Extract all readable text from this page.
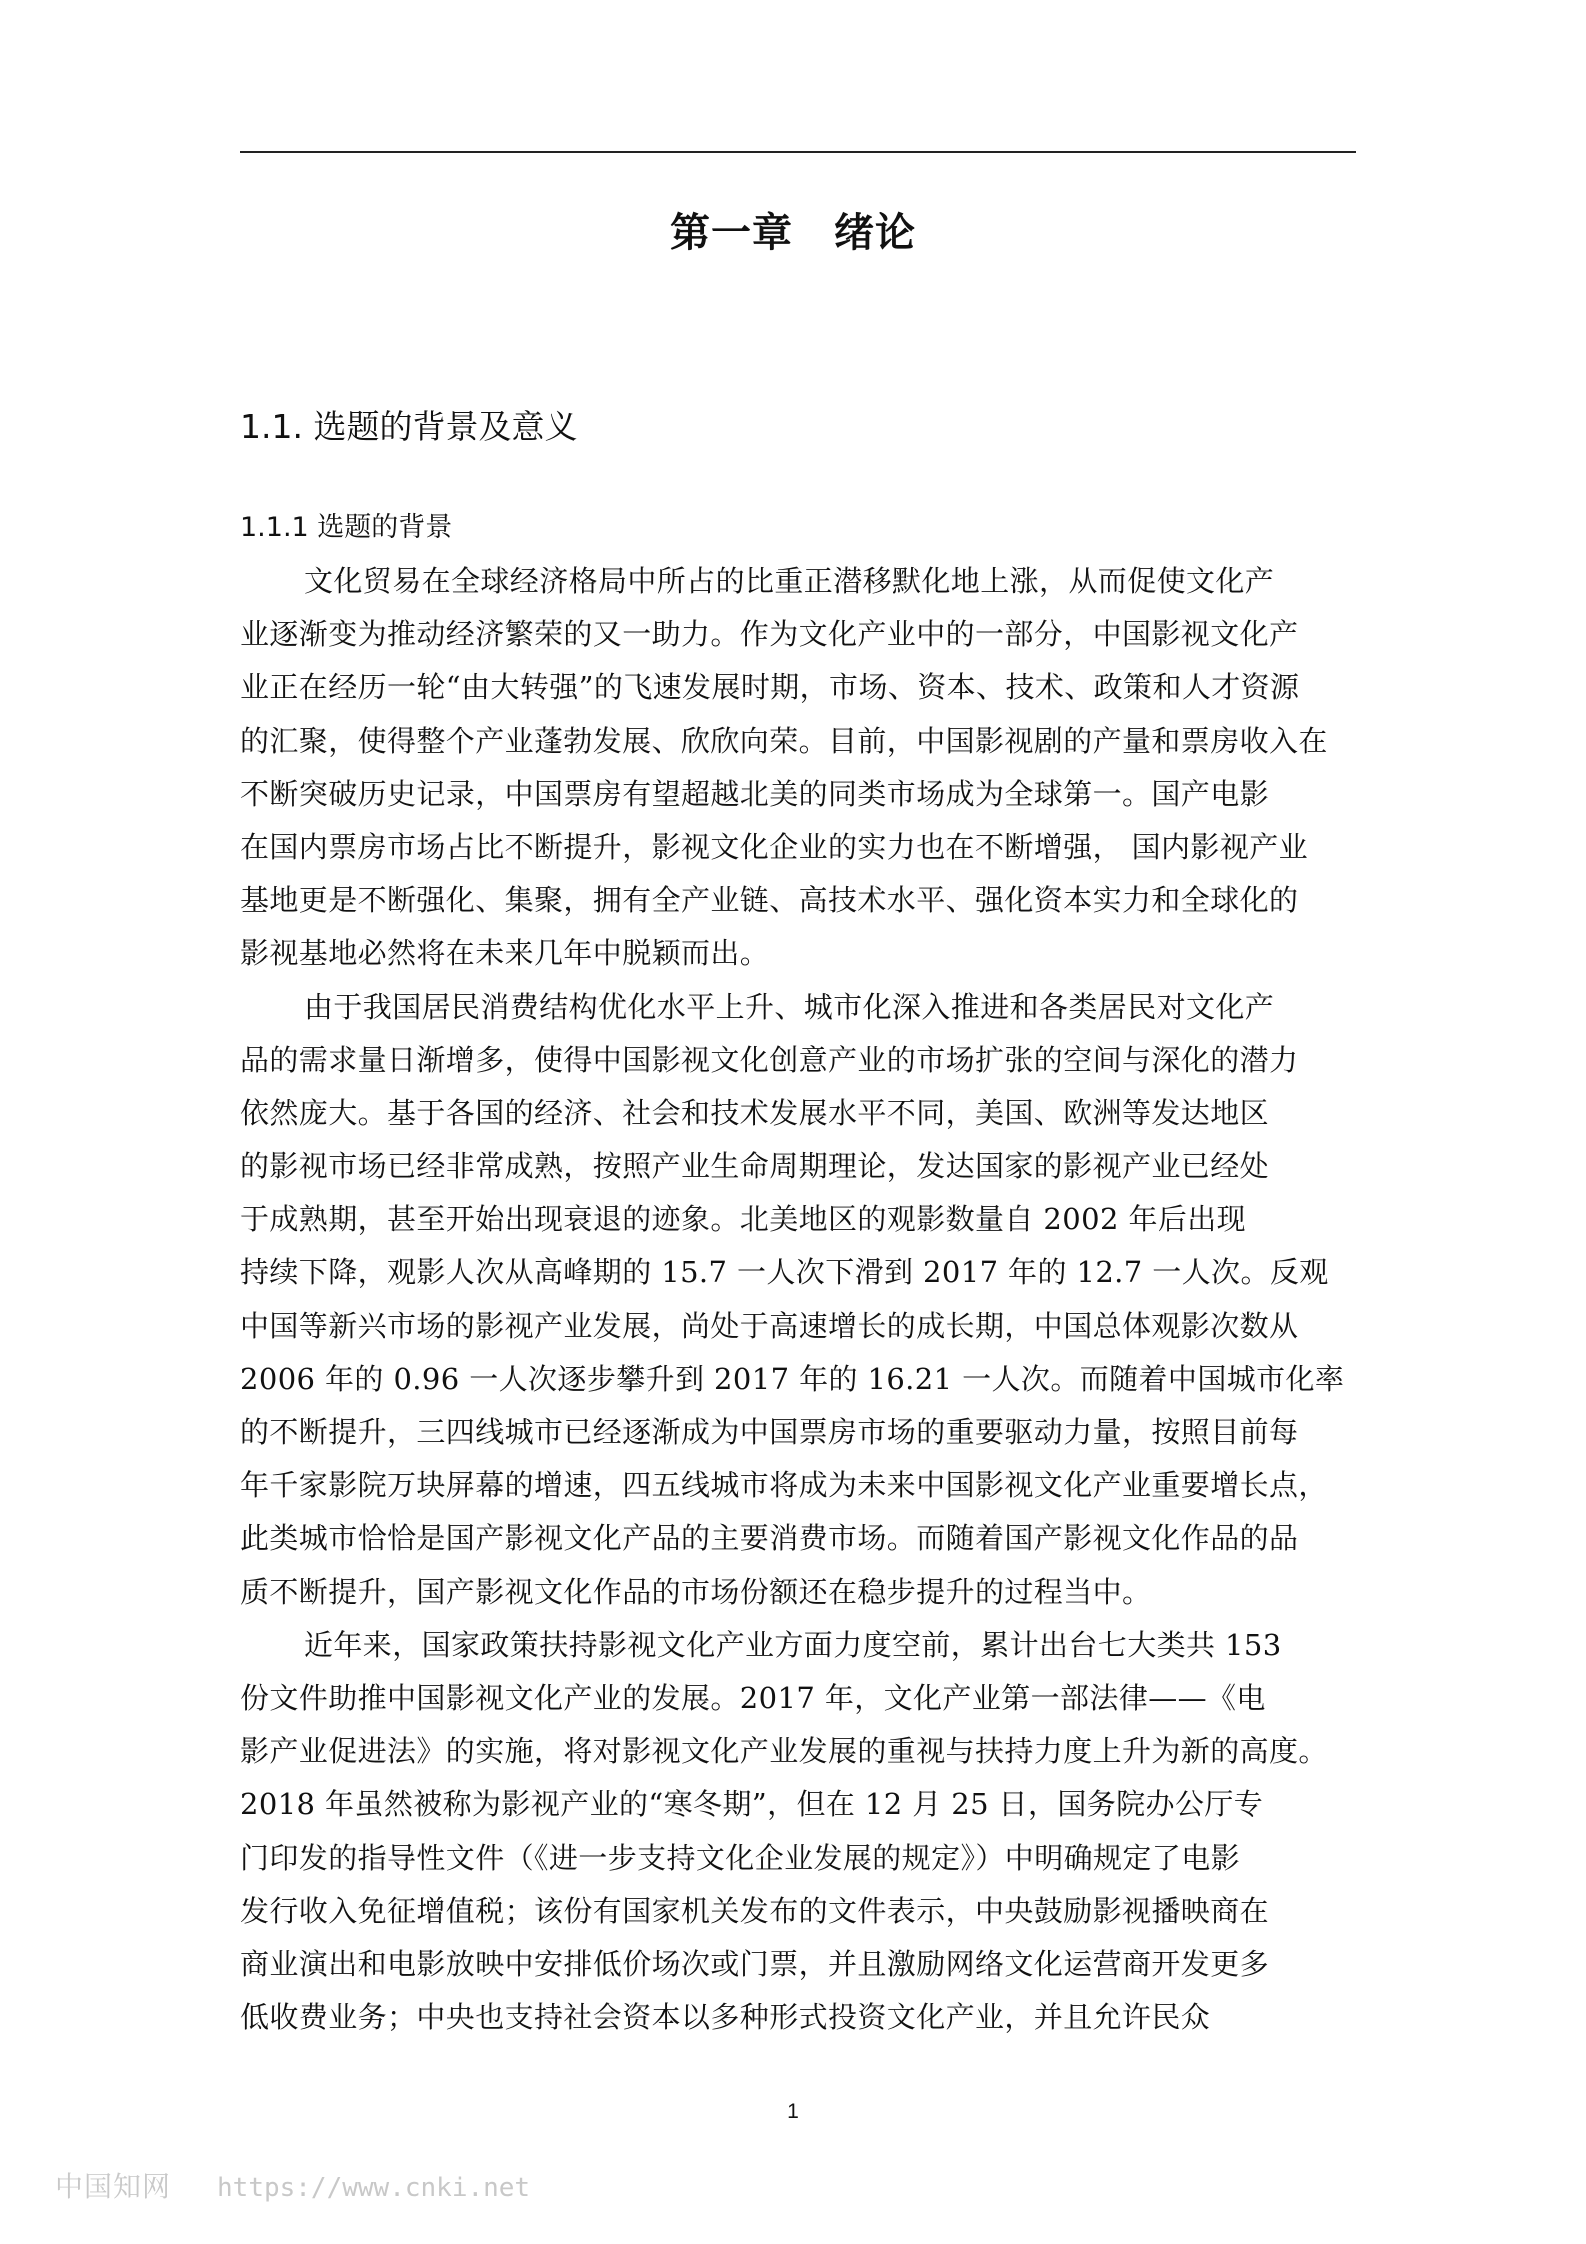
第一章　绪论
1.1. 选题的背景及意义
1.1.1 选题的背景
文化贸易在全球经济格局中所占的比重正潜移默化地上涨，从而促使文化产
业逐渐变为推动经济繁荣的又一助力。作为文化产业中的一部分，中国影视文化产
业正在经历一轮“由大转强”的飞速发展时期，市场、资本、技术、政策和人才资源
的汇聚，使得整个产业蓬勃发展、欣欣向荣。目前，中国影视剧的产量和票房收入在
不断突破历史记录，中国票房有望超越北美的同类市场成为全球第一。国产电影
在国内票房市场占比不断提升，影视文化企业的实力也在不断增强， 国内影视产业
基地更是不断强化、集聚，拥有全产业链、高技术水平、强化资本实力和全球化的
影视基地必然将在未来几年中脱颖而出。
由于我国居民消费结构优化水平上升、城市化深入推进和各类居民对文化产
品的需求量日渐增多，使得中国影视文化创意产业的市场扩张的空间与深化的潜力
依然庞大。基于各国的经济、社会和技术发展水平不同，美国、欧洲等发达地区
的影视市场已经非常成熟，按照产业生命周期理论，发达国家的影视产业已经处
于成熟期，甚至开始出现衰退的迹象。北美地区的观影数量自 2002 年后出现
持续下降，观影人次从高峰期的 15.7 一人次下滑到 2017 年的 12.7 一人次。反观
中国等新兴市场的影视产业发展，尚处于高速增长的成长期，中国总体观影次数从
2006 年的 0.96 一人次逐步攀升到 2017 年的 16.21 一人次。而随着中国城市化率
的不断提升，三四线城市已经逐渐成为中国票房市场的重要驱动力量，按照目前每
年千家影院万块屏幕的增速，四五线城市将成为未来中国影视文化产业重要增长点，
此类城市恰恰是国产影视文化产品的主要消费市场。而随着国产影视文化作品的品
质不断提升，国产影视文化作品的市场份额还在稳步提升的过程当中。
近年来，国家政策扶持影视文化产业方面力度空前，累计出台七大类共 153
份文件助推中国影视文化产业的发展。2017 年，文化产业第一部法律——《电
影产业促进法》的实施，将对影视文化产业发展的重视与扶持力度上升为新的高度。
2018 年虽然被称为影视产业的“寒冬期”，但在 12 月 25 日，国务院办公厅专
门印发的指导性文件（《进一步支持文化企业发展的规定》）中明确规定了电影
发行收入免征增值税；该份有国家机关发布的文件表示，中央鼓励影视播映商在
商业演出和电影放映中安排低价场次或门票，并且激励网络文化运营商开发更多
低收费业务；中央也支持社会资本以多种形式投资文化产业，并且允许民众
1
中国知网 https://www.cnki.net
